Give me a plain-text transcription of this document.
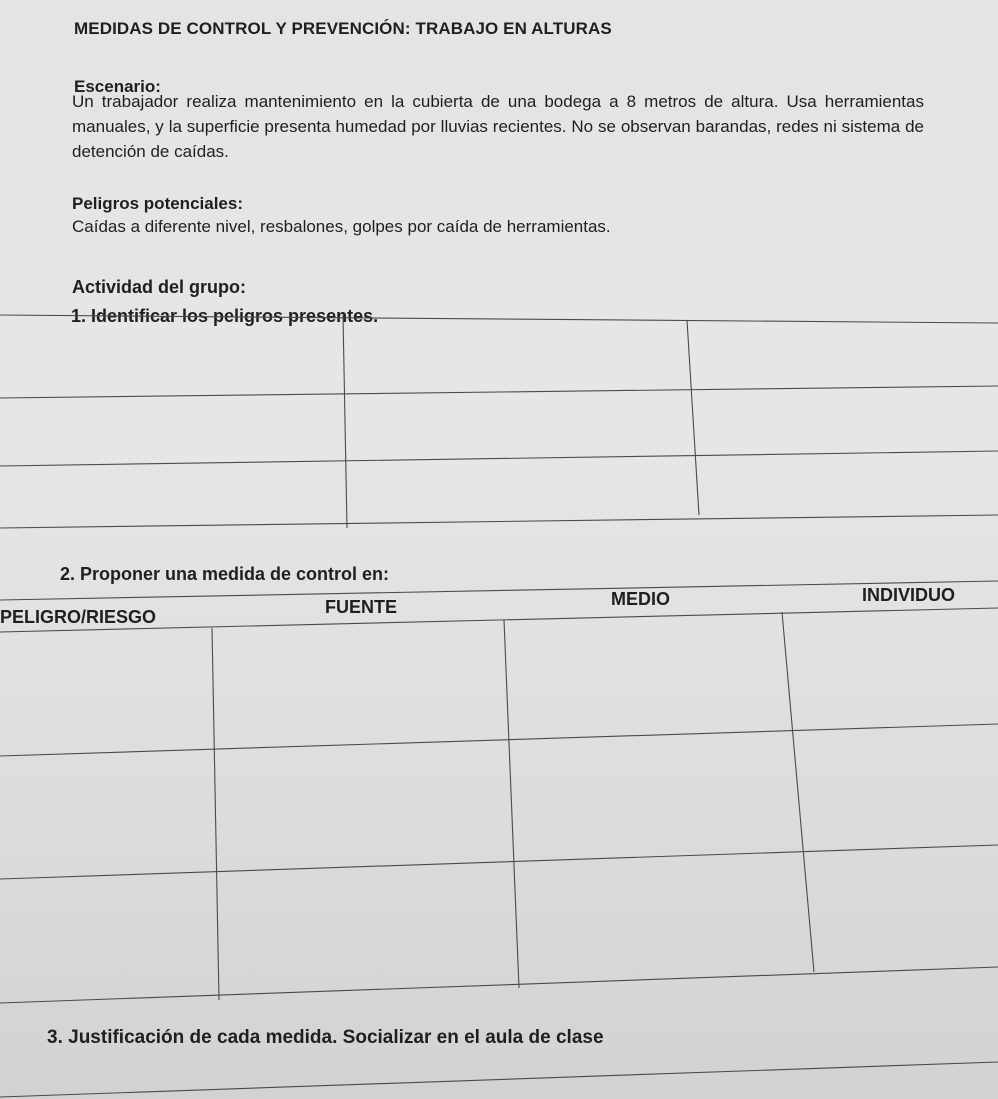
MEDIDAS DE CONTROL Y PREVENCIÓN: TRABAJO EN ALTURAS
Escenario:

Un trabajador realiza mantenimiento en la cubierta de una bodega a 8 metros de altura. Usa herramientas manuales, y la superficie presenta humedad por lluvias recientes. No se observan barandas, redes ni sistema de detención de caídas.

Peligros potenciales:

Caídas a diferente nivel, resbalones, golpes por caída de herramientas.

Actividad del grupo:
1. Identificar los peligros presentes.
2. Proponer una medida de control en:
PELIGRO/RIESGO	FUENTE	MEDIO	INDIVIDUO
3. Justificación de cada medida. Socializar en el aula de clase
